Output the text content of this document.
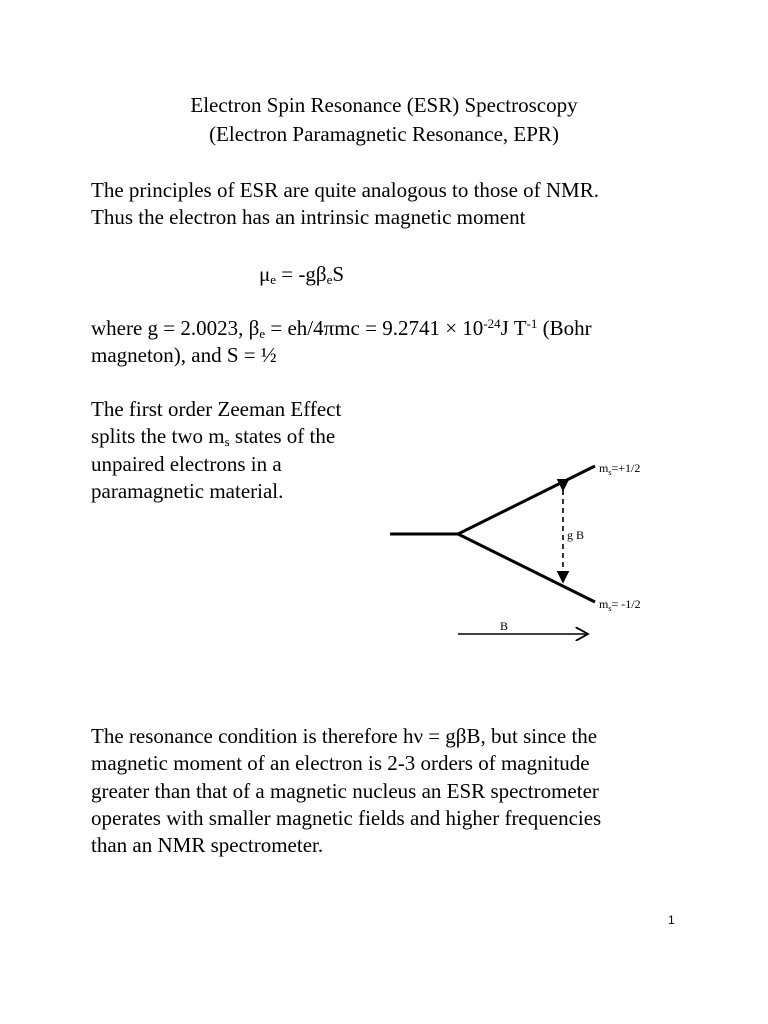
Electron Spin Resonance (ESR) Spectroscopy
(Electron Paramagnetic Resonance, EPR)
The principles of ESR are quite analogous to those of NMR.
Thus the electron has an intrinsic magnetic moment
$\mu_e = -g\beta_eS$
where g = 2.0023, $\beta_e = eh/4\pi mc = 9.2741 \times 10^{-24}J$ $T^{-1}$ (Bohr
magneton), and S = ½
The first order Zeeman Effect
splits the two $m_s$ states of the
unpaired electrons in a
paramagnetic material.
$m_s=+1/2$
$m_s= -1/2$
g B
B
The resonance condition is therefore hν = gβB, but since the
magnetic moment of an electron is 2-3 orders of magnitude
greater than that of a magnetic nucleus an ESR spectrometer
operates with smaller magnetic fields and higher frequencies
than an NMR spectrometer.
1
